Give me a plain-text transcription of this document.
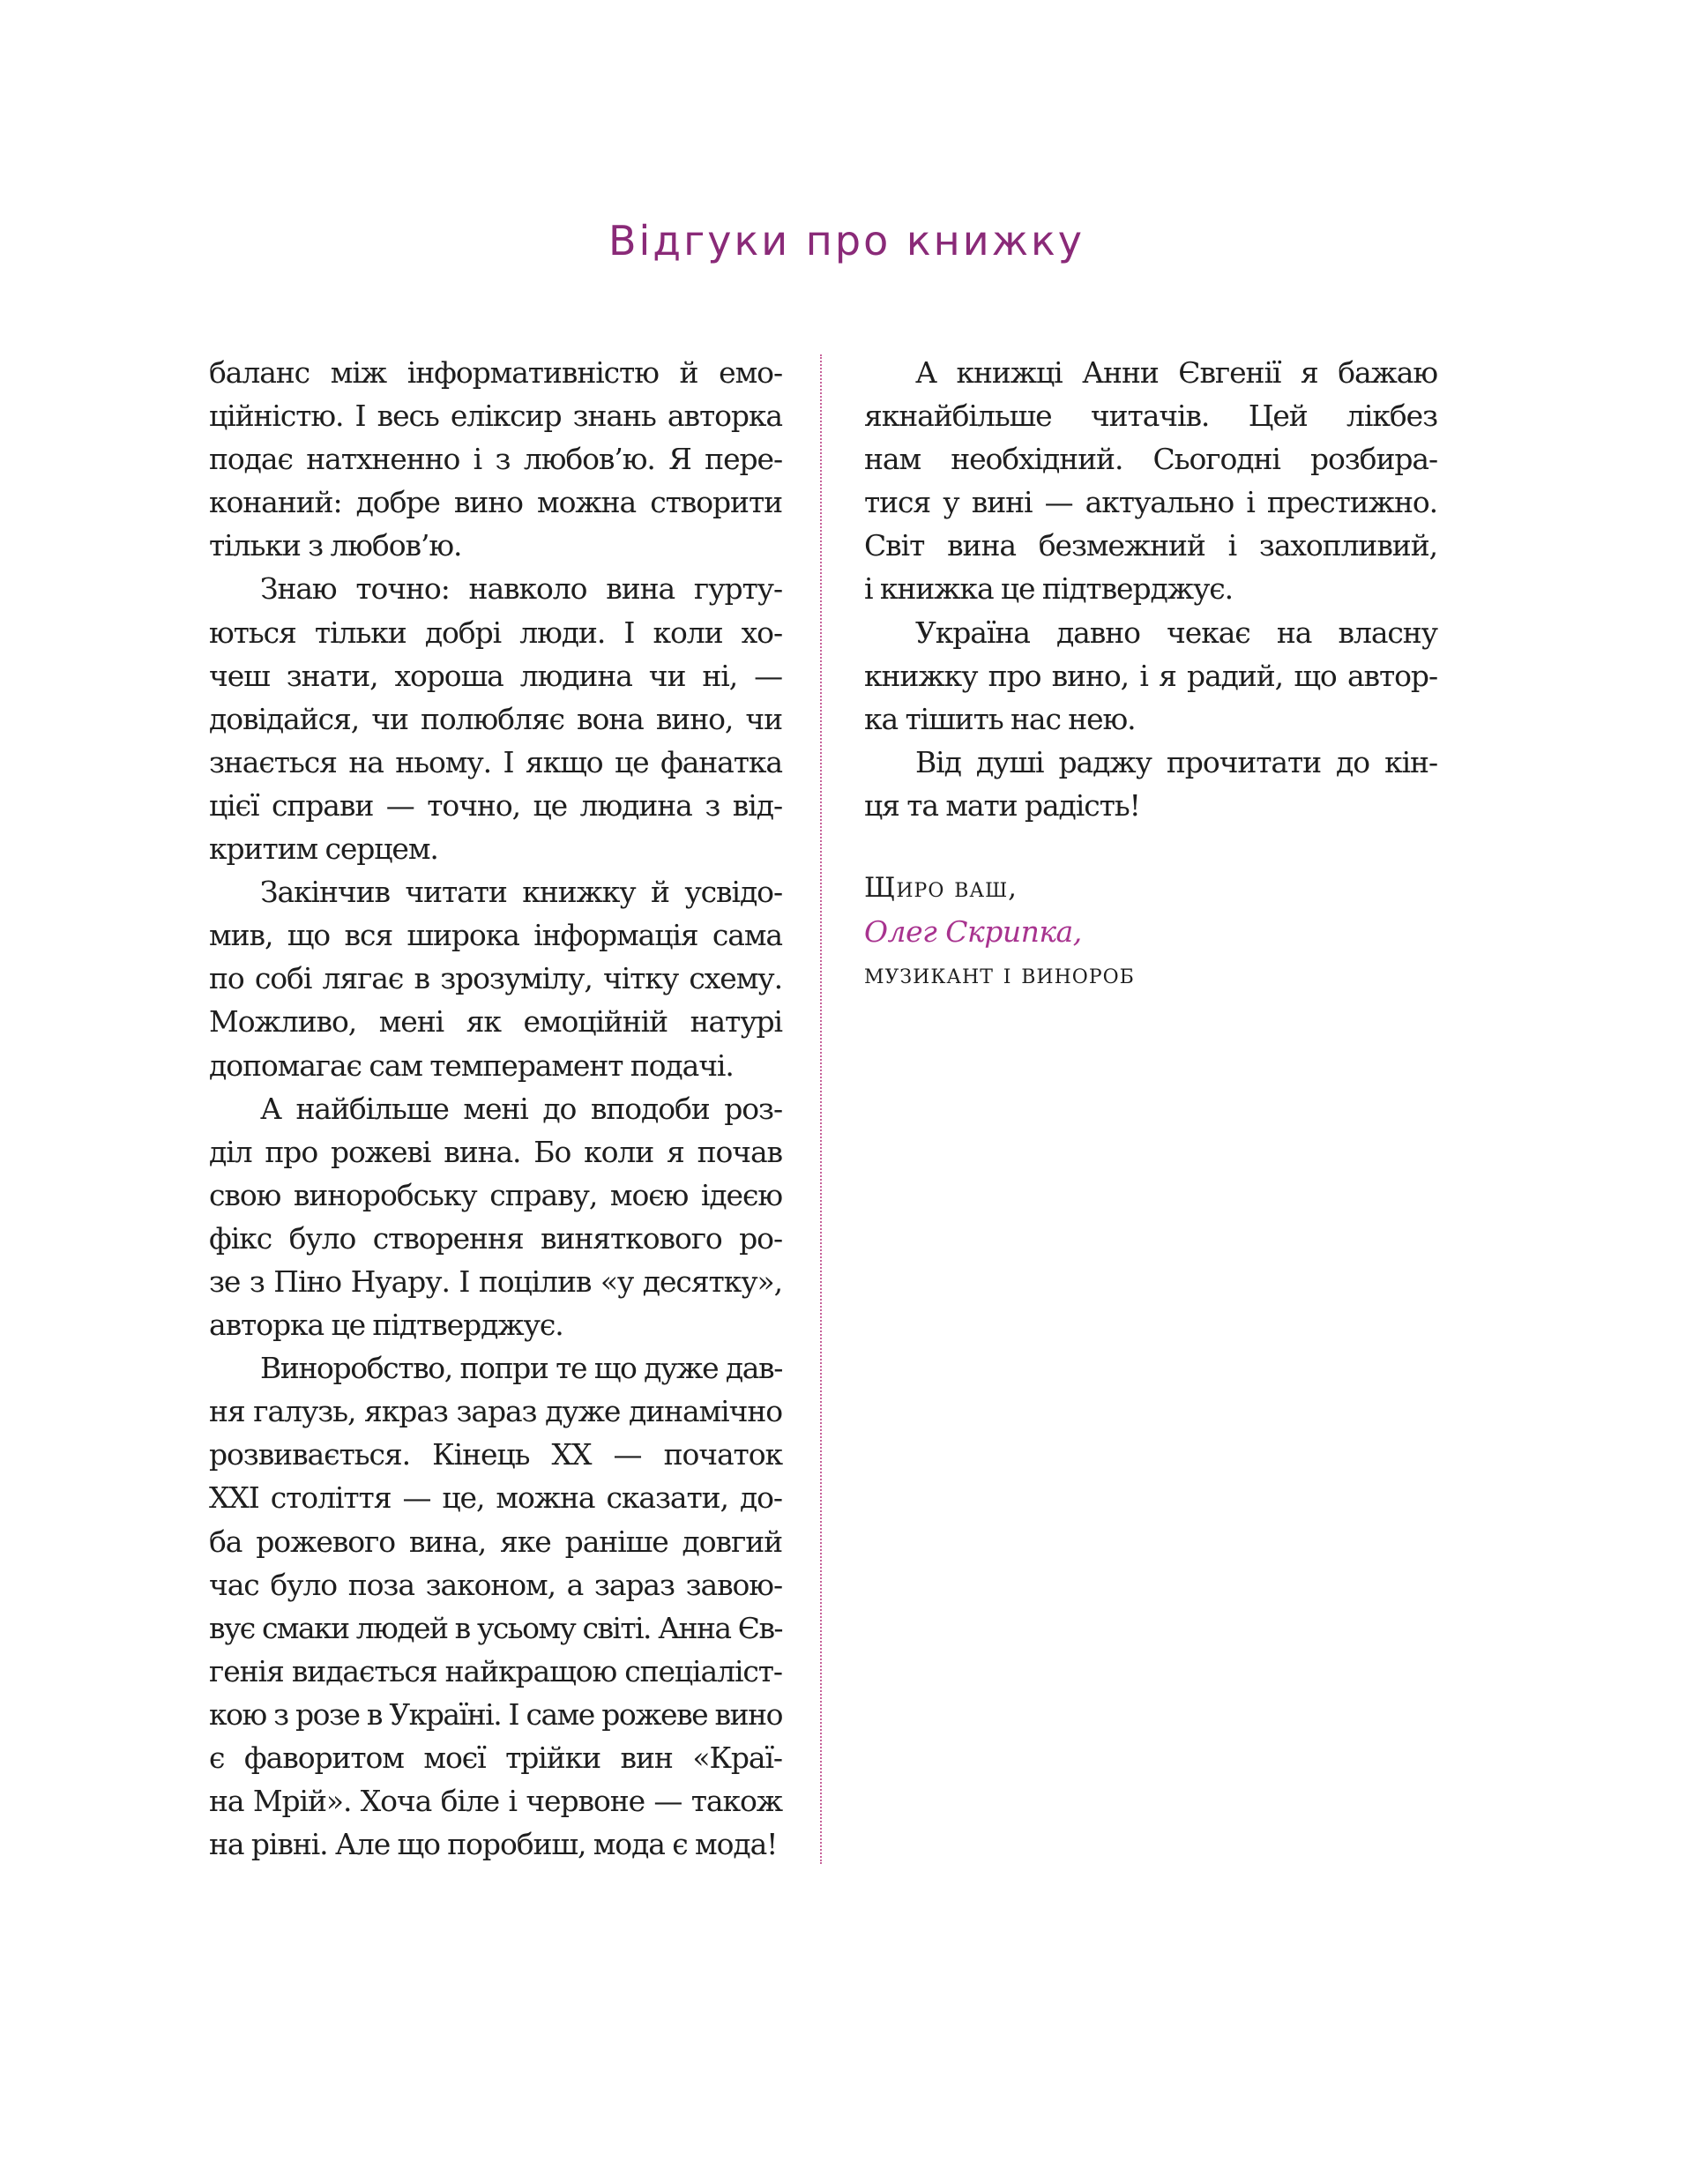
Відгуки про книжку
баланс між інформативністю й емо-
ційністю. І весь еліксир знань авторка
подає натхненно і з любов’ю. Я пере-
конаний: добре вино можна створити
тільки з любов’ю.
Знаю точно: навколо вина гурту-
ються тільки добрі люди. І коли хо-
чеш знати, хороша людина чи ні, —
довідайся, чи полюбляє вона вино, чи
знається на ньому. І якщо це фанатка
цієї справи — точно, це людина з від-
критим серцем.
Закінчив читати книжку й усвідо-
мив, що вся широка інформація сама
по собі лягає в зрозумілу, чітку схему.
Можливо, мені як емоційній натурі
допомагає сам темперамент подачі.
А найбільше мені до вподоби роз-
діл про рожеві вина. Бо коли я почав
свою виноробську справу, моєю ідеєю
фікс було створення виняткового ро-
зе з Піно Нуару. І поцілив «у десятку»,
авторка це підтверджує.
Виноробство, попри те що дуже дав-
ня галузь, якраз зараз дуже динамічно
розвивається. Кінець XX — початок
XXI століття — це, можна сказати, до-
ба рожевого вина, яке раніше довгий
час було поза законом, а зараз завою-
вує смаки людей в усьому світі. Анна Єв-
генія видається найкращою спеціаліст-
кою з розе в Україні. І саме рожеве вино
є фаворитом моєї трійки вин «Краї-
на Мрій». Хоча біле і червоне — також
на рівні. Але що поробиш, мода є мода!
А книжці Анни Євгенії я бажаю
якнайбільше читачів. Цей лікбез
нам необхідний. Сьогодні розбира-
тися у вині — актуально і престижно.
Світ вина безмежний і захопливий,
і книжка це підтверджує.
Україна давно чекає на власну
книжку про вино, і я радий, що автор-
ка тішить нас нею.
Від душі раджу прочитати до кін-
ця та мати радість!
Щиро ваш,
Олег Скрипка,
музикант і винороб
